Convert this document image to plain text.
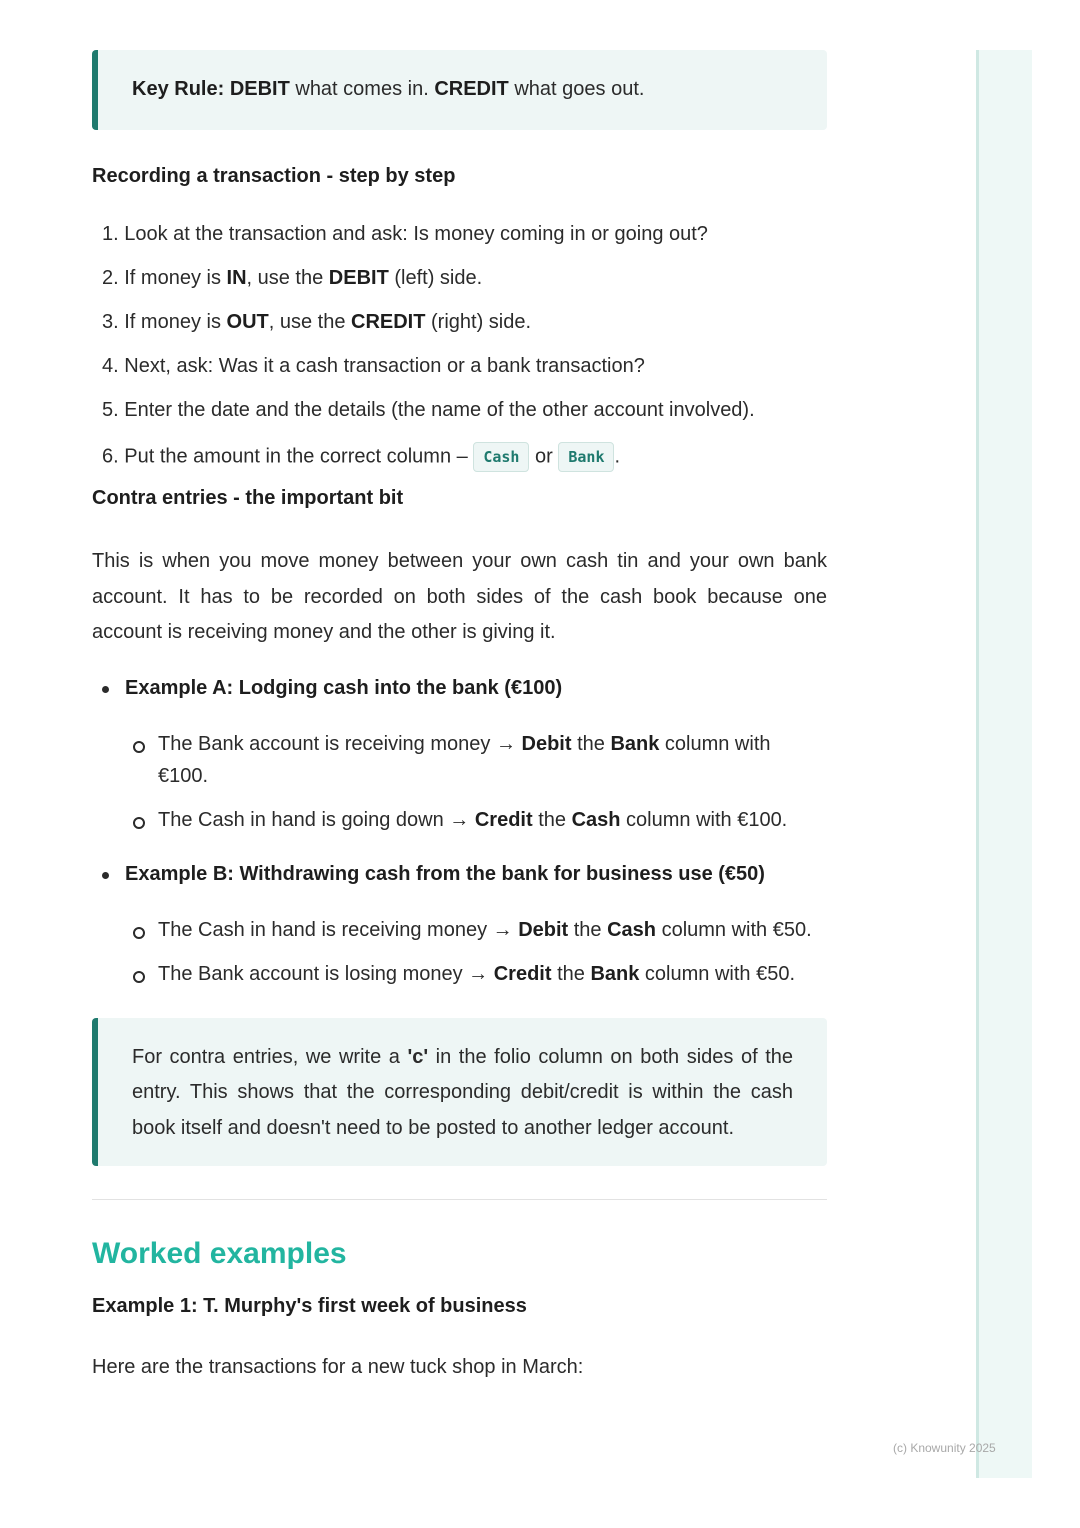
Key Rule: DEBIT what comes in. CREDIT what goes out.
Recording a transaction - step by step
1. Look at the transaction and ask: Is money coming in or going out?
2. If money is IN, use the DEBIT (left) side.
3. If money is OUT, use the CREDIT (right) side.
4. Next, ask: Was it a cash transaction or a bank transaction?
5. Enter the date and the details (the name of the other account involved).
6. Put the amount in the correct column – Cash or Bank .
Contra entries - the important bit

This is when you move money between your own cash tin and your own bank account. It has to be recorded on both sides of the cash book because one account is receiving money and the other is giving it.

Example A: Lodging cash into the bank (€100)
The Bank account is receiving money → Debit the Bank column with €100.
The Cash in hand is going down → Credit the Cash column with €100.
Example B: Withdrawing cash from the bank for business use (€50)
The Cash in hand is receiving money → Debit the Cash column with €50.
The Bank account is losing money → Credit the Bank column with €50.
For contra entries, we write a 'c' in the folio column on both sides of the entry. This shows that the corresponding debit/credit is within the cash book itself and doesn't need to be posted to another ledger account.
Worked examples
Example 1: T. Murphy's first week of business

Here are the transactions for a new tuck shop in March:

(c) Knowunity 2025
